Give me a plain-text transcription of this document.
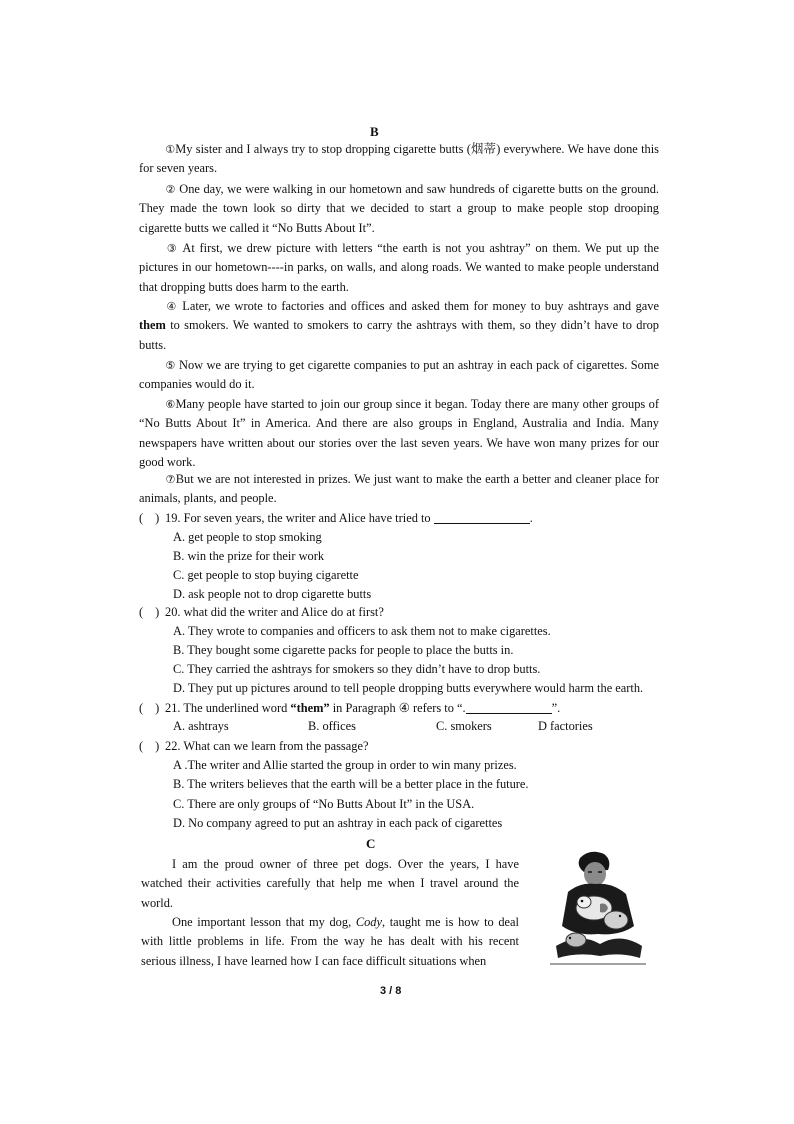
B

①My sister and I always try to stop dropping cigarette butts (烟蒂) everywhere. We have done this for seven years.

② One day, we were walking in our hometown and saw hundreds of cigarette butts on the ground. They made the town look so dirty that we decided to start a group to make people stop drooping cigarette butts we called it “No Butts About It”.

③ At first, we drew picture with letters “the earth is not you ashtray” on them. We put up the pictures in our hometown----in parks, on walls, and along roads. We wanted to make people understand that dropping butts does harm to the earth.

④ Later, we wrote to factories and offices and asked them for money to buy ashtrays and gave them to smokers. We wanted to smokers to carry the ashtrays with them, so they didn’t have to drop butts.

⑤ Now we are trying to get cigarette companies to put an ashtray in each pack of cigarettes. Some companies would do it.

⑥Many people have started to join our group since it began. Today there are many other groups of “No Butts About It” in America. And there are also groups in England, Australia and India. Many newspapers have written about our stories over the last seven years. We have won many prizes for our good work.

⑦But we are not interested in prizes. We just want to make the earth a better and cleaner place for animals, plants, and people.

( ) 19. For seven years, the writer and Alice have tried to	.
A. get people to stop smoking
B. win the prize for their work
C. get people to stop buying cigarette
D. ask people not to drop cigarette butts
( ) 20. what did the writer and Alice do at first?
A. They wrote to companies and officers to ask them not to make cigarettes.
B. They bought some cigarette packs for people to place the butts in.
C. They carried the ashtrays for smokers so they didn’t have to drop butts.
D. They put up pictures around to tell people dropping butts everywhere would harm the earth.
( ) 21. The underlined word “them” in Paragraph ④ refers to “.	”.
A. ashtrays	B. offices	C. smokers	D factories
( ) 22. What can we learn from the passage?
A .The writer and Allie started the group in order to win many prizes.
B. The writers believes that the earth will be a better place in the future.
C. There are only groups of “No Butts About It” in the USA.
D. No company agreed to put an ashtray in each pack of cigarettes
C

I am the proud owner of three pet dogs. Over the years, I have watched their activities carefully that help me when I travel around the world.

One important lesson that my dog, Cody, taught me is how to deal with little problems in life. From the way he has dealt with his recent serious illness, I have learned how I can face difficult situations when

3 / 8
